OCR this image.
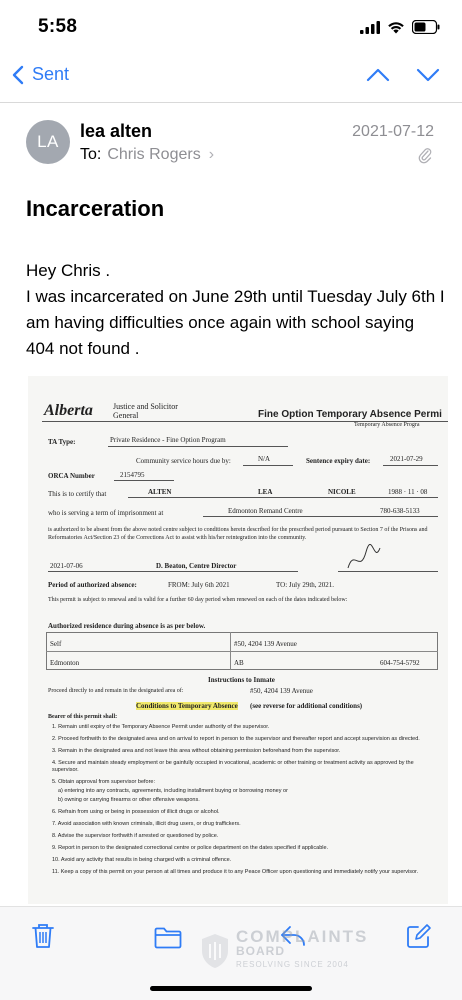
5:58
Sent
LA
lea alten	2021-07-12
To: Chris Rogers ›
Incarceration

Hey Chris .

I was incarcerated on June 29th until Tuesday July 6th I am having difficulties once again with school saying 404 not found .

Alberta	Justice and Solicitor General	Fine Option Temporary Absence Permi
Temporary Absence Progra
TA Type:	Private Residence - Fine Option Program
Community service hours due by:	N/A	Sentence expiry date:	2021-07-29
ORCA Number	2154795
This is to certify that	ALTEN	LEA	NICOLE	1988 · 11 · 08
who is serving a term of imprisonment at	Edmonton Remand Centre	780-638-5133
is authorized to be absent from the above noted centre subject to conditions herein described for the prescribed period pursuant to Section 7 of the Prisons and Reformatories Act/Section 23 of the Corrections Act to assist with his/her reintegration into the community.
2021-07-06	D. Beaton, Centre Director
Period of authorized absence:	FROM: July 6th 2021	TO: July 29th, 2021.
This permit is subject to renewal and is valid for a further 60 day period when renewed on each of the dates indicated below:
Authorized residence during absence is as per below.
Self	#50, 4204 139 Avenue
Edmonton	AB	604-754-5792
Instructions to Inmate
Proceed directly to and remain in the designated area of:	#50, 4204 139 Avenue
Conditions to Temporary Absence (see reverse for additional conditions)
Bearer of this permit shall:
1. Remain until expiry of the Temporary Absence Permit under authority of the supervisor.
2. Proceed forthwith to the designated area and on arrival to report in person to the supervisor and thereafter report and accept supervision as directed.
3. Remain in the designated area and not leave this area without obtaining permission beforehand from the supervisor.
4. Secure and maintain steady employment or be gainfully occupied in vocational, academic or other training or treatment activity as approved by the supervisor.
5. Obtain approval from supervisor before:
a) entering into any contracts, agreements, including installment buying or borrowing money or
b) owning or carrying firearms or other offensive weapons.
6. Refrain from using or being in possession of illicit drugs or alcohol.
7. Avoid association with known criminals, illicit drug users, or drug traffickers.
8. Advise the supervisor forthwith if arrested or questioned by police.
9. Report in person to the designated correctional centre or police department on the dates specified if applicable.
10. Avoid any activity that results in being charged with a criminal offence.
11. Keep a copy of this permit on your person at all times and produce it to any Peace Officer upon questioning and immediately notify your supervisor.
COMPLAINTS
BOARD
RESOLVING SINCE 2004
